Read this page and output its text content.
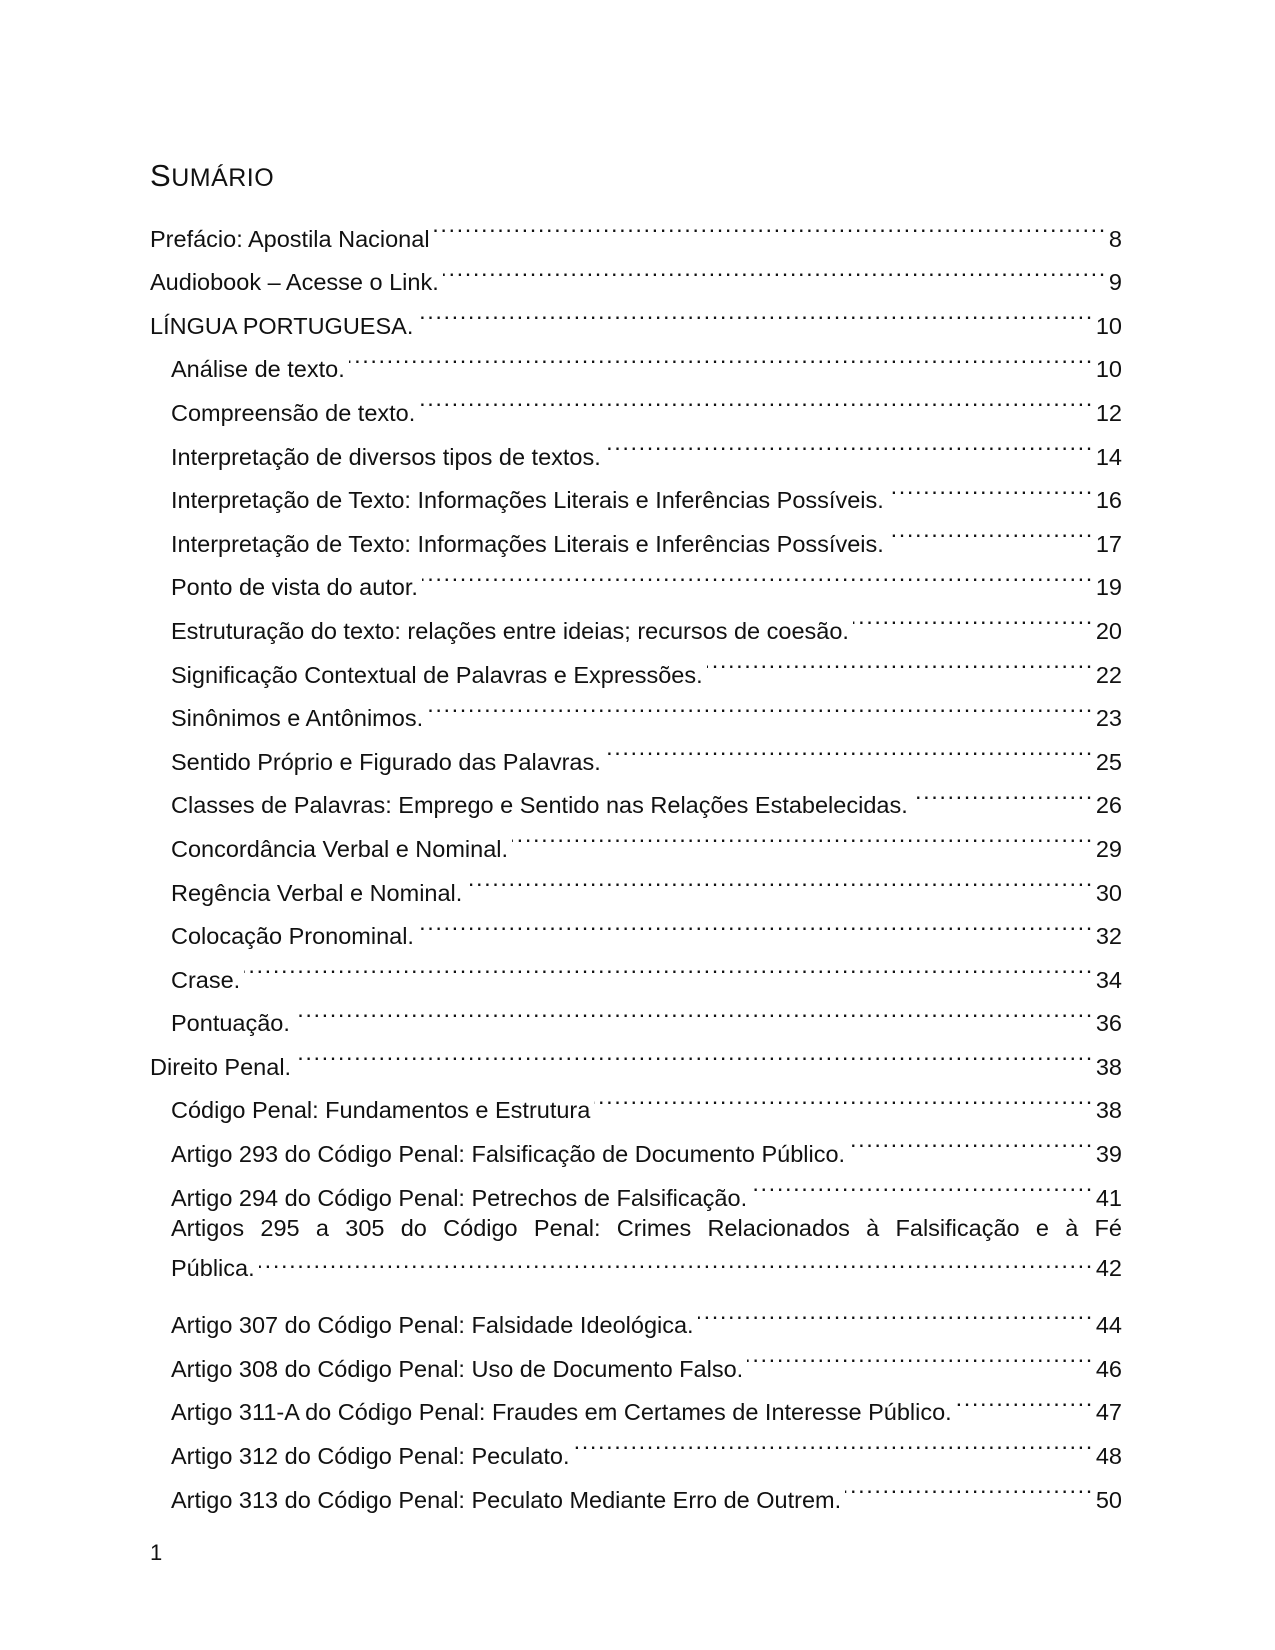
SUMÁRIO
Prefácio: Apostila Nacional .....	8
Audiobook – Acesse o Link. .....	9
LÍNGUA PORTUGUESA. .....	10
Análise de texto. .....	10
Compreensão de texto. .....	12
Interpretação de diversos tipos de textos. .....	14
Interpretação de Texto: Informações Literais e Inferências Possíveis. .....	16
Interpretação de Texto: Informações Literais e Inferências Possíveis. .....	17
Ponto de vista do autor. .....	19
Estruturação do texto: relações entre ideias; recursos de coesão. .....	20
Significação Contextual de Palavras e Expressões. .....	22
Sinônimos e Antônimos. .....	23
Sentido Próprio e Figurado das Palavras. .....	25
Classes de Palavras: Emprego e Sentido nas Relações Estabelecidas. .....	26
Concordância Verbal e Nominal. .....	29
Regência Verbal e Nominal. .....	30
Colocação Pronominal. .....	32
Crase. .....	34
Pontuação. .....	36
Direito Penal. .....	38
Código Penal: Fundamentos e Estrutura .....	38
Artigo 293 do Código Penal: Falsificação de Documento Público. .....	39
Artigo 294 do Código Penal: Petrechos de Falsificação. .....	41
Artigos 295 a 305 do Código Penal: Crimes Relacionados à Falsificação e à Fé
Pública. .....	42
Artigo 307 do Código Penal: Falsidade Ideológica. .....	44
Artigo 308 do Código Penal: Uso de Documento Falso. .....	46
Artigo 311-A do Código Penal: Fraudes em Certames de Interesse Público. .....	47
Artigo 312 do Código Penal: Peculato. .....	48
Artigo 313 do Código Penal: Peculato Mediante Erro de Outrem. .....	50
1
